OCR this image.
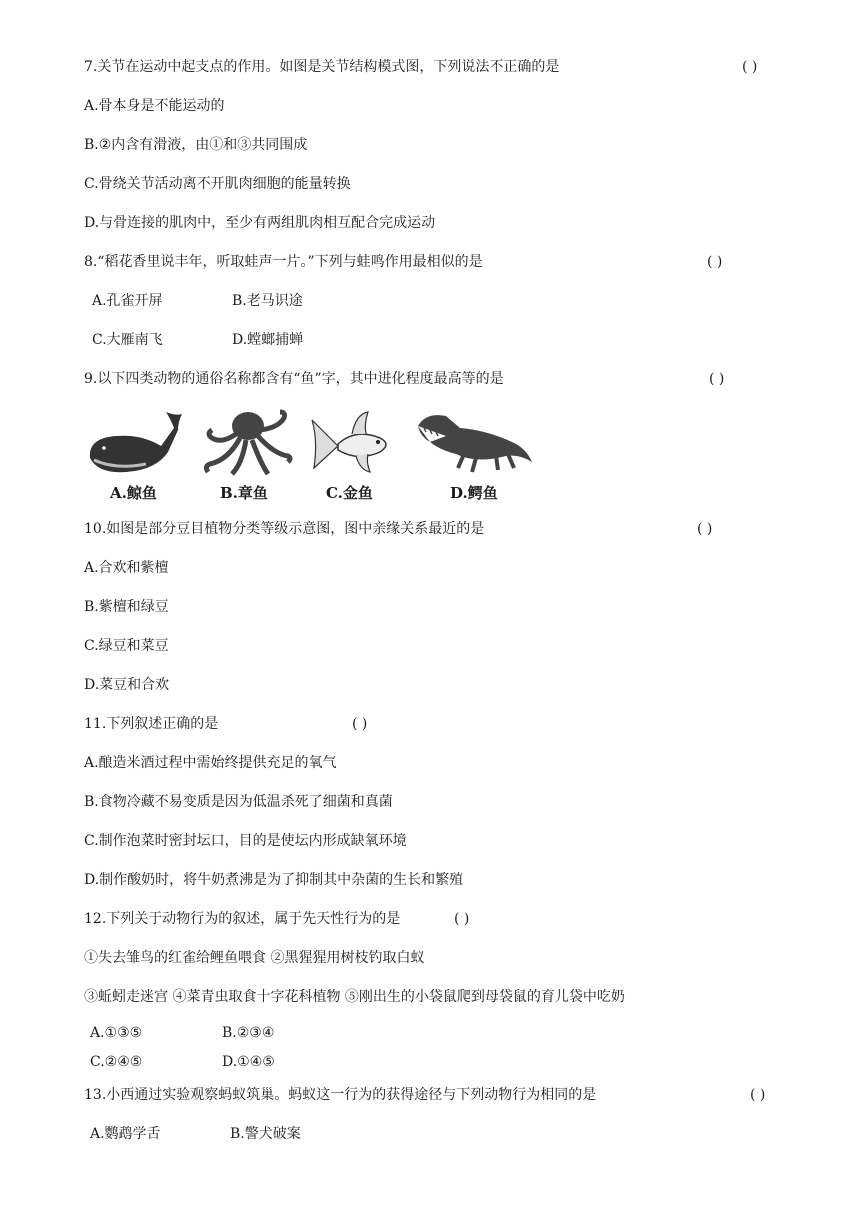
7.关节在运动中起支点的作用。如图是关节结构模式图，下列说法不正确的是	( )
A.骨本身是不能运动的
B.②内含有滑液，由①和③共同围成
C.骨绕关节活动离不开肌肉细胞的能量转换
D.与骨连接的肌肉中，至少有两组肌肉相互配合完成运动
8.“稻花香里说丰年，听取蛙声一片。”下列与蛙鸣作用最相似的是	( )
A.孔雀开屏	B.老马识途
C.大雁南飞	D.螳螂捕蝉
9.以下四类动物的通俗名称都含有“鱼”字，其中进化程度最高等的是	( )
A.鲸鱼	B.章鱼	C.金鱼	D.鳄鱼
10.如图是部分豆目植物分类等级示意图，图中亲缘关系最近的是	( )
A.合欢和紫檀
B.紫檀和绿豆
C.绿豆和菜豆
D.菜豆和合欢
11.下列叙述正确的是	( )
A.酿造米酒过程中需始终提供充足的氧气
B.食物冷藏不易变质是因为低温杀死了细菌和真菌
C.制作泡菜时密封坛口，目的是使坛内形成缺氧环境
D.制作酸奶时，将牛奶煮沸是为了抑制其中杂菌的生长和繁殖
12.下列关于动物行为的叙述，属于先天性行为的是	( )
①失去雏鸟的红雀给鲤鱼喂食 ②黑猩猩用树枝钓取白蚁
③蚯蚓走迷宫 ④菜青虫取食十字花科植物 ⑤刚出生的小袋鼠爬到母袋鼠的育儿袋中吃奶
A.①③⑤	B.②③④
C.②④⑤	D.①④⑤
13.小西通过实验观察蚂蚁筑巢。蚂蚁这一行为的获得途径与下列动物行为相同的是	( )
A.鹦鹉学舌	B.警犬破案
